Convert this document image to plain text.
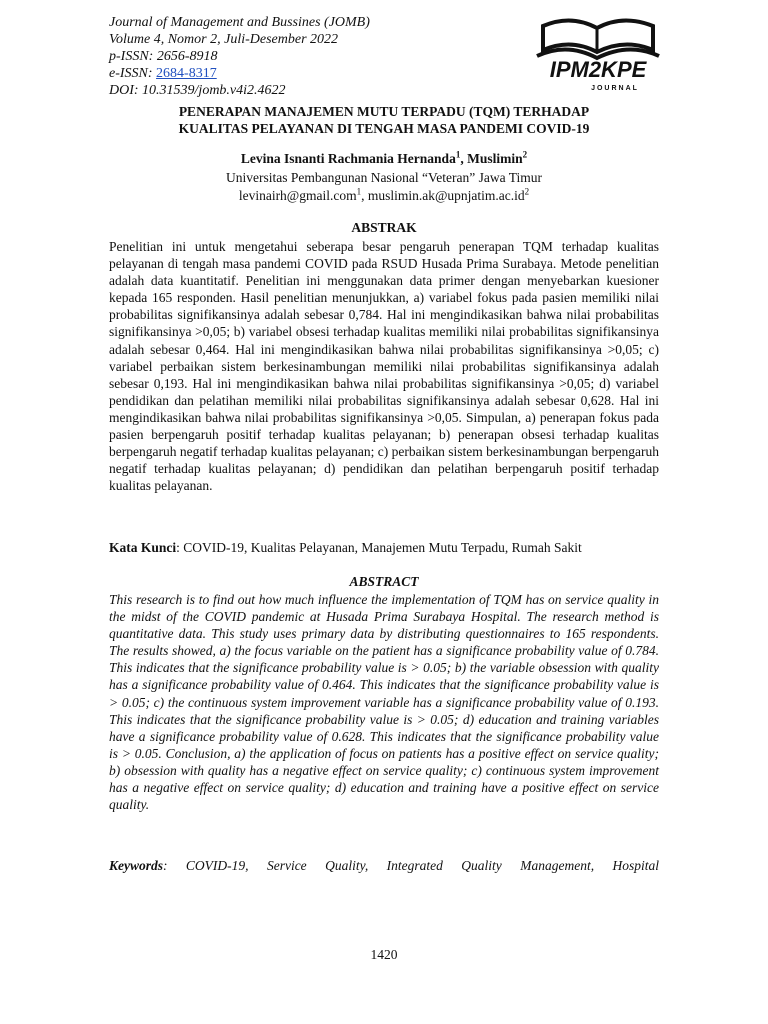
Journal of Management and Bussines (JOMB)
Volume 4, Nomor 2, Juli-Desember 2022
p-ISSN: 2656-8918
e-ISSN: 2684-8317
DOI: 10.31539/jomb.v4i2.4622
IPM2KPE
JOURNAL
PENERAPAN MANAJEMEN MUTU TERPADU (TQM) TERHADAP
KUALITAS PELAYANAN DI TENGAH MASA PANDEMI COVID-19
Levina Isnanti Rachmania Hernanda$^1$, Muslimin$^2$
Universitas Pembangunan Nasional “Veteran” Jawa Timur
levinairh@gmail.com$^1$, $muslimin.ak@upnjatim.ac.id^2$
ABSTRAK
Penelitian ini untuk mengetahui seberapa besar pengaruh penerapan TQM terhadap kualitas pelayanan di tengah masa pandemi COVID pada RSUD Husada Prima Surabaya. Metode penelitian adalah data kuantitatif. Penelitian ini menggunakan data primer dengan menyebarkan kuesioner kepada 165 responden. Hasil penelitian menunjukkan, a) variabel fokus pada pasien memiliki nilai probabilitas signifikansinya adalah sebesar 0,784. Hal ini mengindikasikan bahwa nilai probabilitas signifikansinya >0,05; b) variabel obsesi terhadap kualitas memiliki nilai probabilitas signifikansinya adalah sebesar 0,464. Hal ini mengindikasikan bahwa nilai probabilitas signifikansinya >0,05; c) variabel perbaikan sistem berkesinambungan memiliki nilai probabilitas signifikansinya adalah sebesar 0,193. Hal ini mengindikasikan bahwa nilai probabilitas signifikansinya >0,05; d) variabel pendidikan dan pelatihan memiliki nilai probabilitas signifikansinya adalah sebesar 0,628. Hal ini mengindikasikan bahwa nilai probabilitas signifikansinya >0,05. Simpulan, a) penerapan fokus pada pasien berpengaruh positif terhadap kualitas pelayanan; b) penerapan obsesi terhadap kualitas berpengaruh negatif terhadap kualitas pelayanan; c) perbaikan sistem berkesinambungan berpengaruh negatif terhadap kualitas pelayanan; d) pendidikan dan pelatihan berpengaruh positif terhadap kualitas pelayanan.
Kata Kunci: COVID-19, Kualitas Pelayanan, Manajemen Mutu Terpadu, Rumah Sakit
ABSTRACT
This research is to find out how much influence the implementation of TQM has on service quality in the midst of the COVID pandemic at Husada Prima Surabaya Hospital. The research method is quantitative data. This study uses primary data by distributing questionnaires to 165 respondents. The results showed, a) the focus variable on the patient has a significance probability value of 0.784. This indicates that the significance probability value is > 0.05; b) the variable obsession with quality has a significance probability value of 0.464. This indicates that the significance probability value is > 0.05; c) the continuous system improvement variable has a significance probability value of 0.193. This indicates that the significance probability value is > 0.05; d) education and training variables have a significance probability value of 0.628. This indicates that the significance probability value is > 0.05. Conclusion, a) the application of focus on patients has a positive effect on service quality; b) obsession with quality has a negative effect on service quality; c) continuous system improvement has a negative effect on service quality; d) education and training have a positive effect on service quality.
Keywords: COVID-19, Service Quality, Integrated Quality Management, Hospital
1420
